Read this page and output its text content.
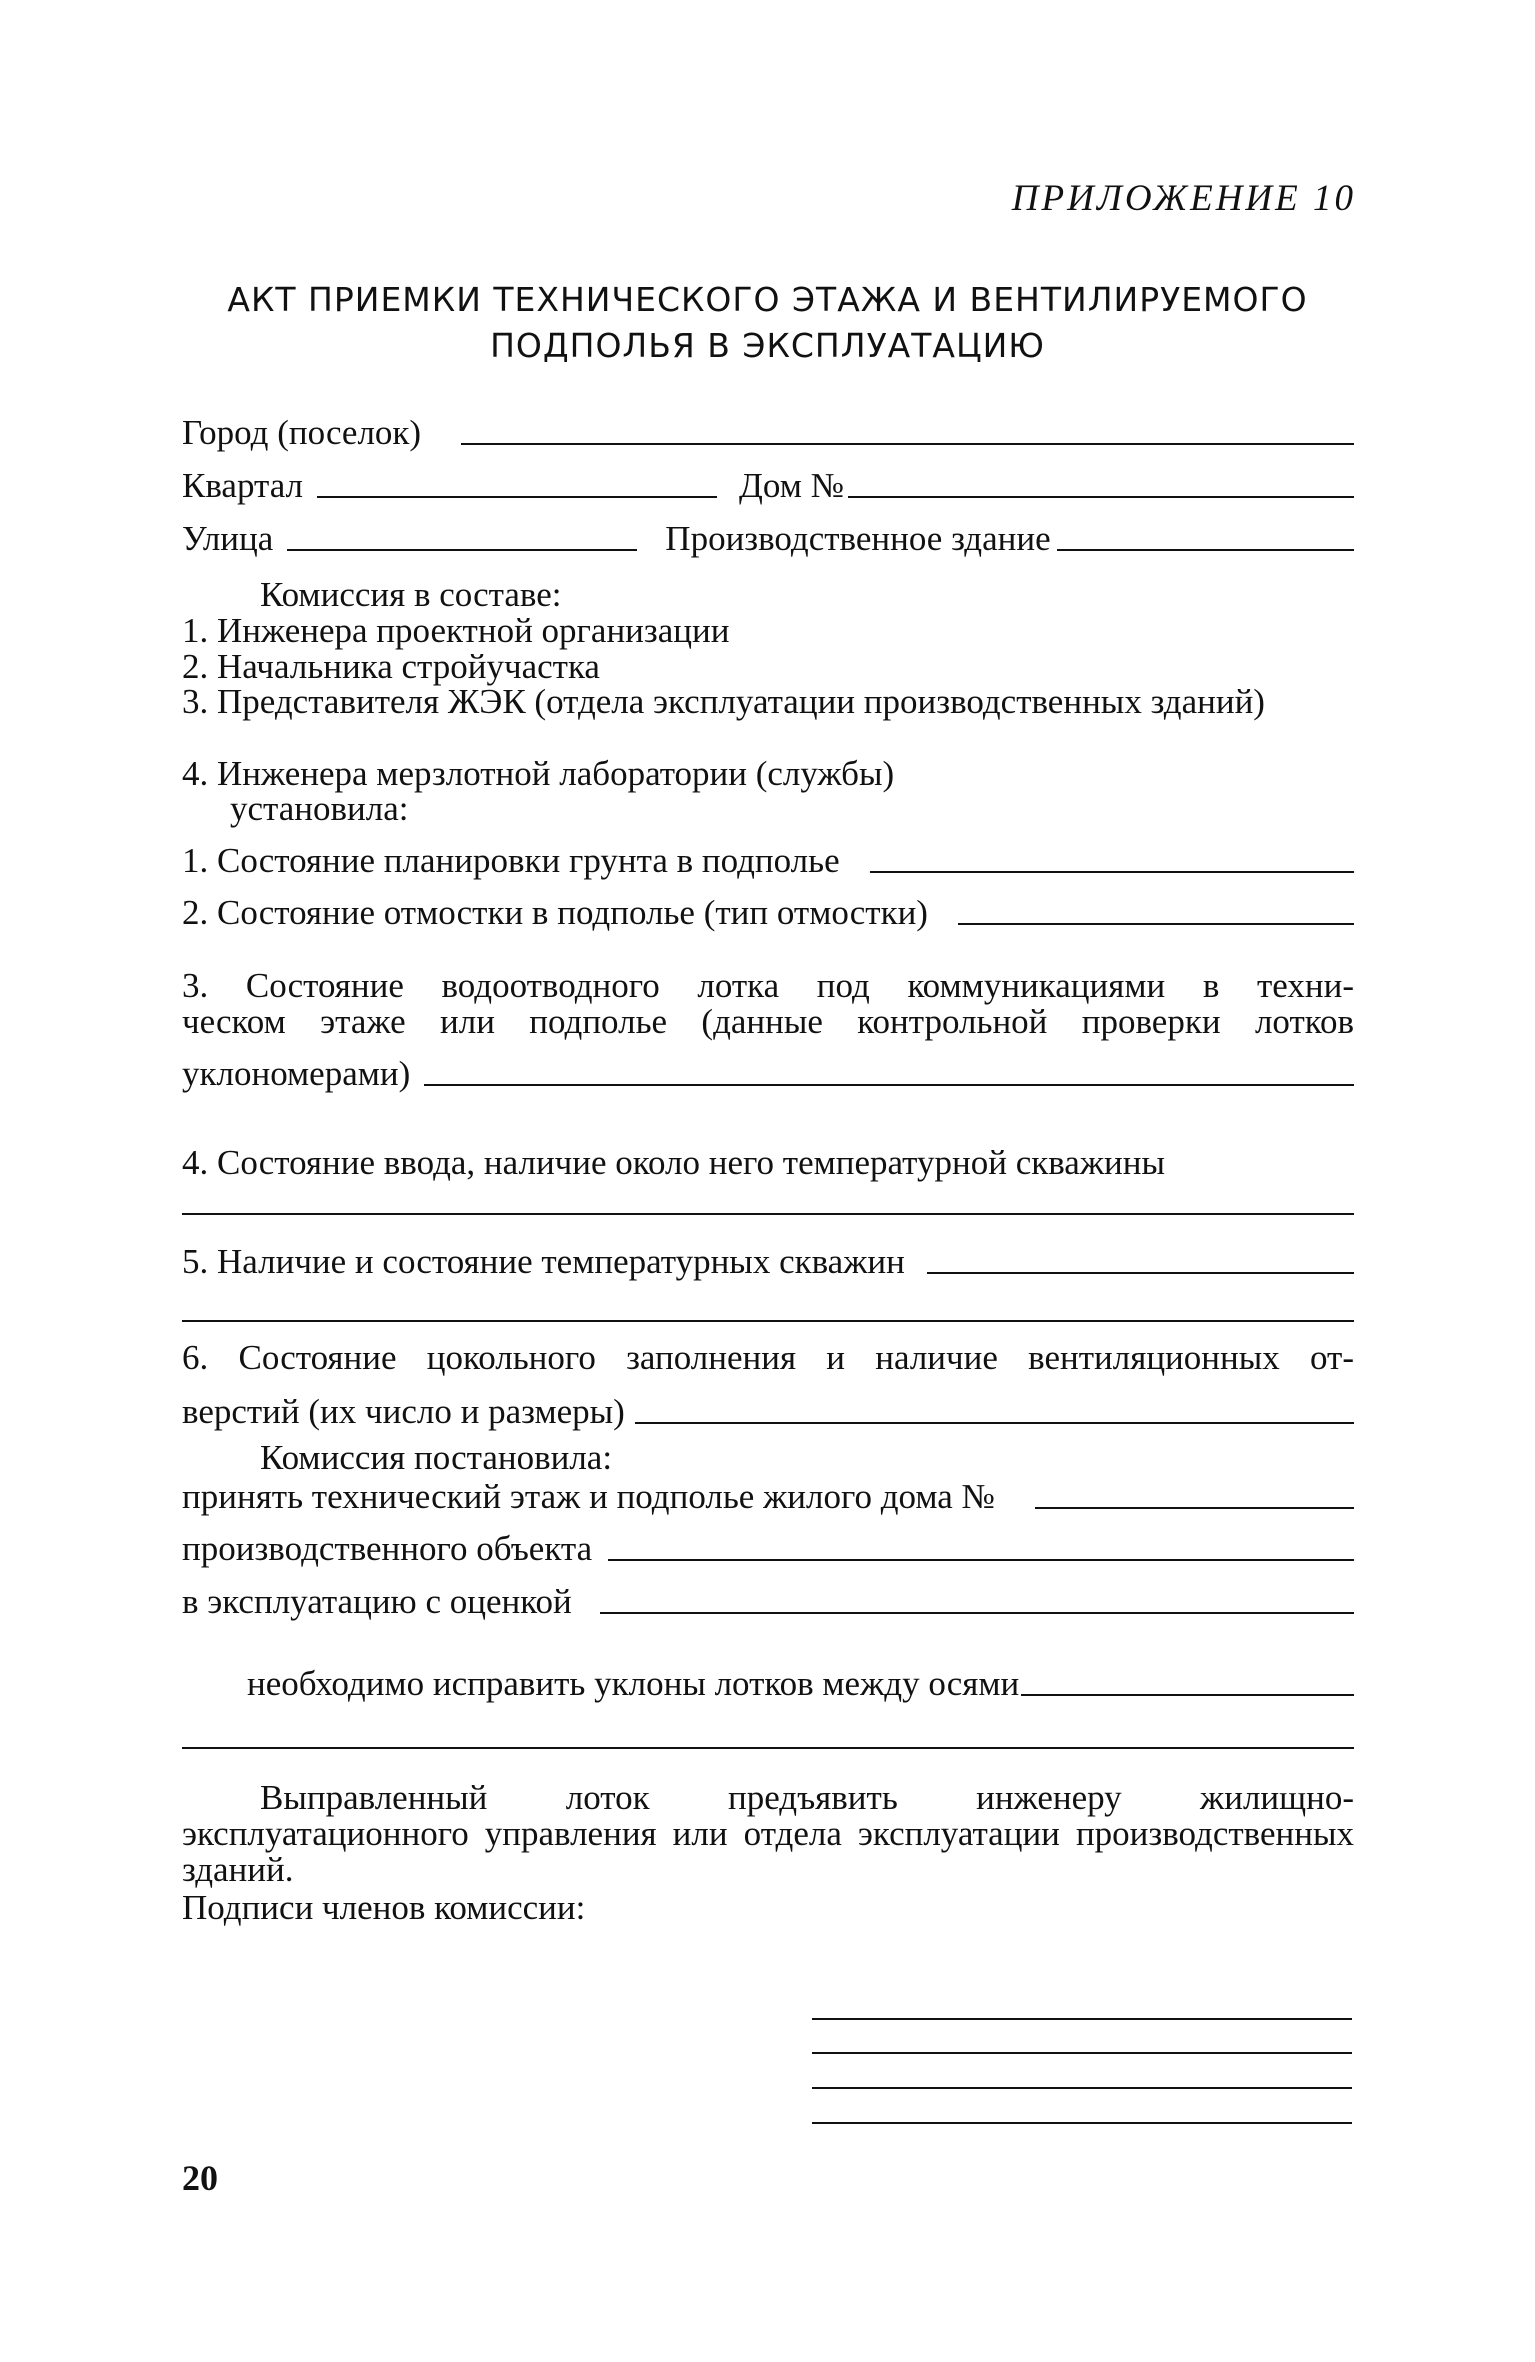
ПРИЛОЖЕНИЕ 10
АКТ ПРИЕМКИ ТЕХНИЧЕСКОГО ЭТАЖА И ВЕНТИЛИРУЕМОГО
ПОДПОЛЬЯ В ЭКСПЛУАТАЦИЮ
Город (поселок)
Квартал	Дом №
Улица	Производственное здание
Комиссия в составе:
1. Инженера проектной организации
2. Начальника стройучастка
3. Представителя ЖЭК (отдела эксплуатации производственных зданий)
4. Инженера мерзлотной лаборатории (службы)
установила:
1. Состояние планировки грунта в подполье
2. Состояние отмостки в подполье (тип отмостки)
3. Состояние водоотводного лотка под коммуникациями в техни-
ческом этаже или подполье (данные контрольной проверки лотков
уклономерами)
4. Состояние ввода, наличие около него температурной скважины
5. Наличие и состояние температурных скважин
6. Состояние цокольного заполнения и наличие вентиляционных от-
верстий (их число и размеры)
Комиссия постановила:
принять технический этаж и подполье жилого дома №
производственного объекта
в эксплуатацию с оценкой
необходимо исправить уклоны лотков между осями
Выправленный лоток предъявить инженеру жилищно-эксплуатационного управления или отдела эксплуатации производственных зданий.
Подписи членов комиссии:
20
